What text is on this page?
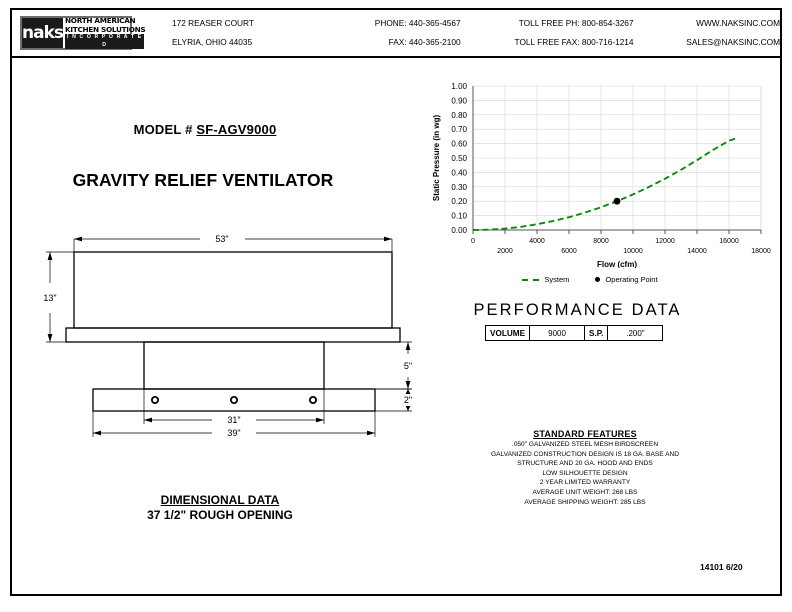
naks
NORTH AMERICAN
KITCHEN SOLUTIONS
I N C O R P O R A T E D
172 REASER COURT
ELYRIA, OHIO 44035
PHONE: 440-365-4567
FAX: 440-365-2100
TOLL FREE PH: 800-854-3267
TOLL FREE FAX: 800-716-1214
WWW.NAKSINC.COM
SALES@NAKSINC.COM
MODEL # SF-AGV9000
GRAVITY RELIEF VENTILATOR
53"
13"
5"
2"
31"
39"
DIMENSIONAL DATA
37 1/2" ROUGH OPENING
0.00
0.10
0.20
0.30
0.40
0.50
0.60
0.70
0.80
0.90
1.00
0
2000
4000
6000
8000
10000
12000
14000
16000
18000
Flow (cfm)
Static Pressure (in wg)
System	Operating Point
PERFORMANCE DATA
VOLUME	9000	S.P.	.200"
STANDARD FEATURES
.050" GALVANIZED STEEL MESH BIRDSCREEN
GALVANIZED CONSTRUCTION DESIGN IS 18 GA. BASE AND
STRUCTURE AND 20 GA. HOOD AND ENDS
LOW SILHOUETTE DESIGN
2 YEAR LIMITED WARRANTY
AVERAGE UNIT WEIGHT: 268 LBS
AVERAGE SHIPPING WEIGHT: 285 LBS
14101 6/20
